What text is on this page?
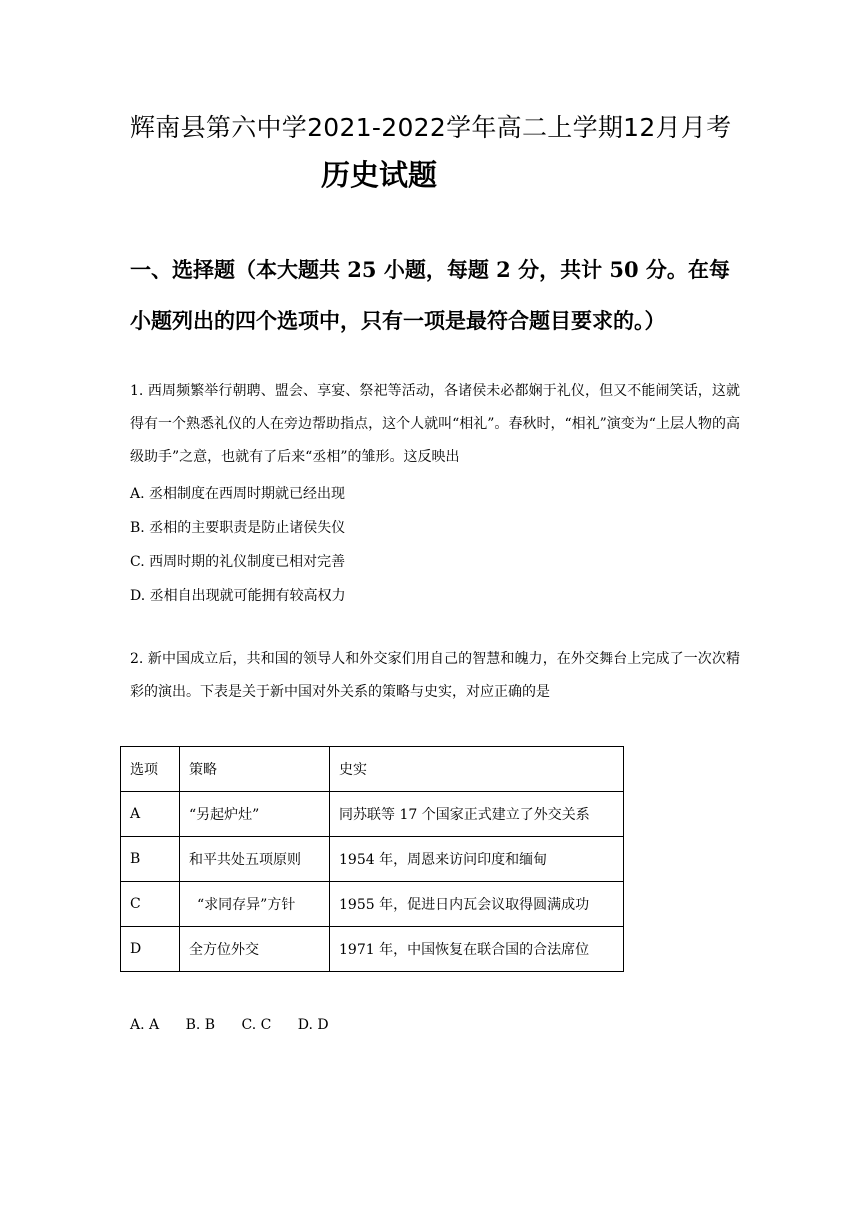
辉南县第六中学2021-2022学年高二上学期12月月考
历史试题
一、选择题（本大题共 25 小题，每题 2 分，共计 50 分。在每小题列出的四个选项中，只有一项是最符合题目要求的。）
1. 西周频繁举行朝聘、盟会、享宴、祭祀等活动，各诸侯未必都娴于礼仪，但又不能闹笑话，这就得有一个熟悉礼仪的人在旁边帮助指点，这个人就叫“相礼”。春秋时，“相礼”演变为“上层人物的高级助手”之意，也就有了后来“丞相”的雏形。这反映出
A. 丞相制度在西周时期就已经出现
B. 丞相的主要职责是防止诸侯失仪
C. 西周时期的礼仪制度已相对完善
D. 丞相自出现就可能拥有较高权力
2. 新中国成立后，共和国的领导人和外交家们用自己的智慧和魄力，在外交舞台上完成了一次次精彩的演出。下表是关于新中国对外关系的策略与史实，对应正确的是
选项	策略	史实
A	“另起炉灶”	同苏联等 17 个国家正式建立了外交关系
B	和平共处五项原则	1954 年，周恩来访问印度和缅甸
C	“求同存异”方针	1955 年，促进日内瓦会议取得圆满成功
D	全方位外交	1971 年，中国恢复在联合国的合法席位
A. A B. B C. C D. D
